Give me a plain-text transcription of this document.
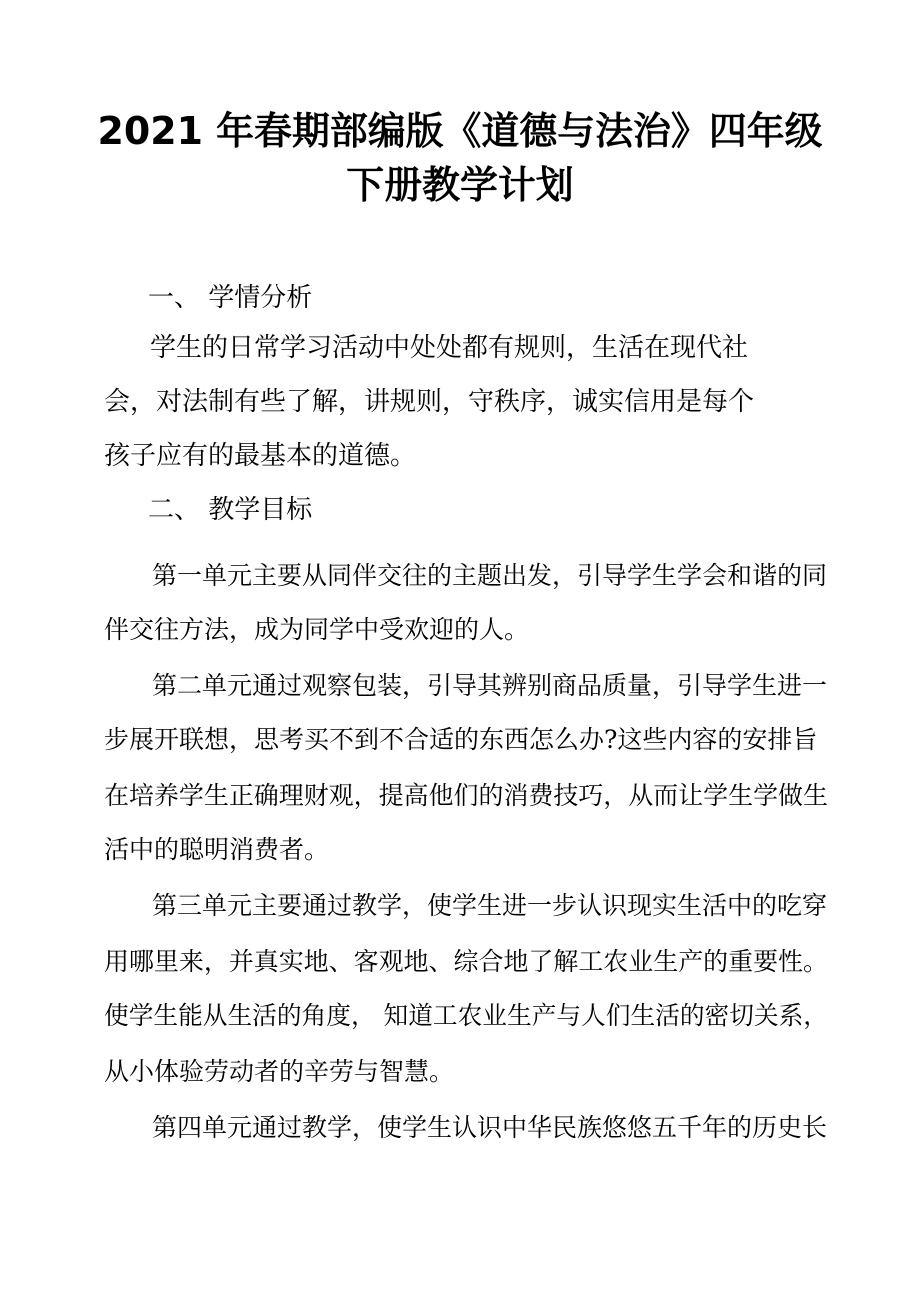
2021 年春期部编版《道德与法治》四年级
下册教学计划
一、 学情分析
学生的日常学习活动中处处都有规则，生活在现代社
会，对法制有些了解，讲规则，守秩序，诚实信用是每个
孩子应有的最基本的道德。
二、 教学目标
第一单元主要从同伴交往的主题出发，引导学生学会和谐的同
伴交往方法，成为同学中受欢迎的人。
第二单元通过观察包装，引导其辨别商品质量，引导学生进一
步展开联想，思考买不到不合适的东西怎么办?这些内容的安排旨
在培养学生正确理财观，提高他们的消费技巧，从而让学生学做生
活中的聪明消费者。
第三单元主要通过教学，使学生进一步认识现实生活中的吃穿
用哪里来，并真实地、客观地、综合地了解工农业生产的重要性。
使学生能从生活的角度， 知道工农业生产与人们生活的密切关系，
从小体验劳动者的辛劳与智慧。
第四单元通过教学，使学生认识中华民族悠悠五千年的历史长
